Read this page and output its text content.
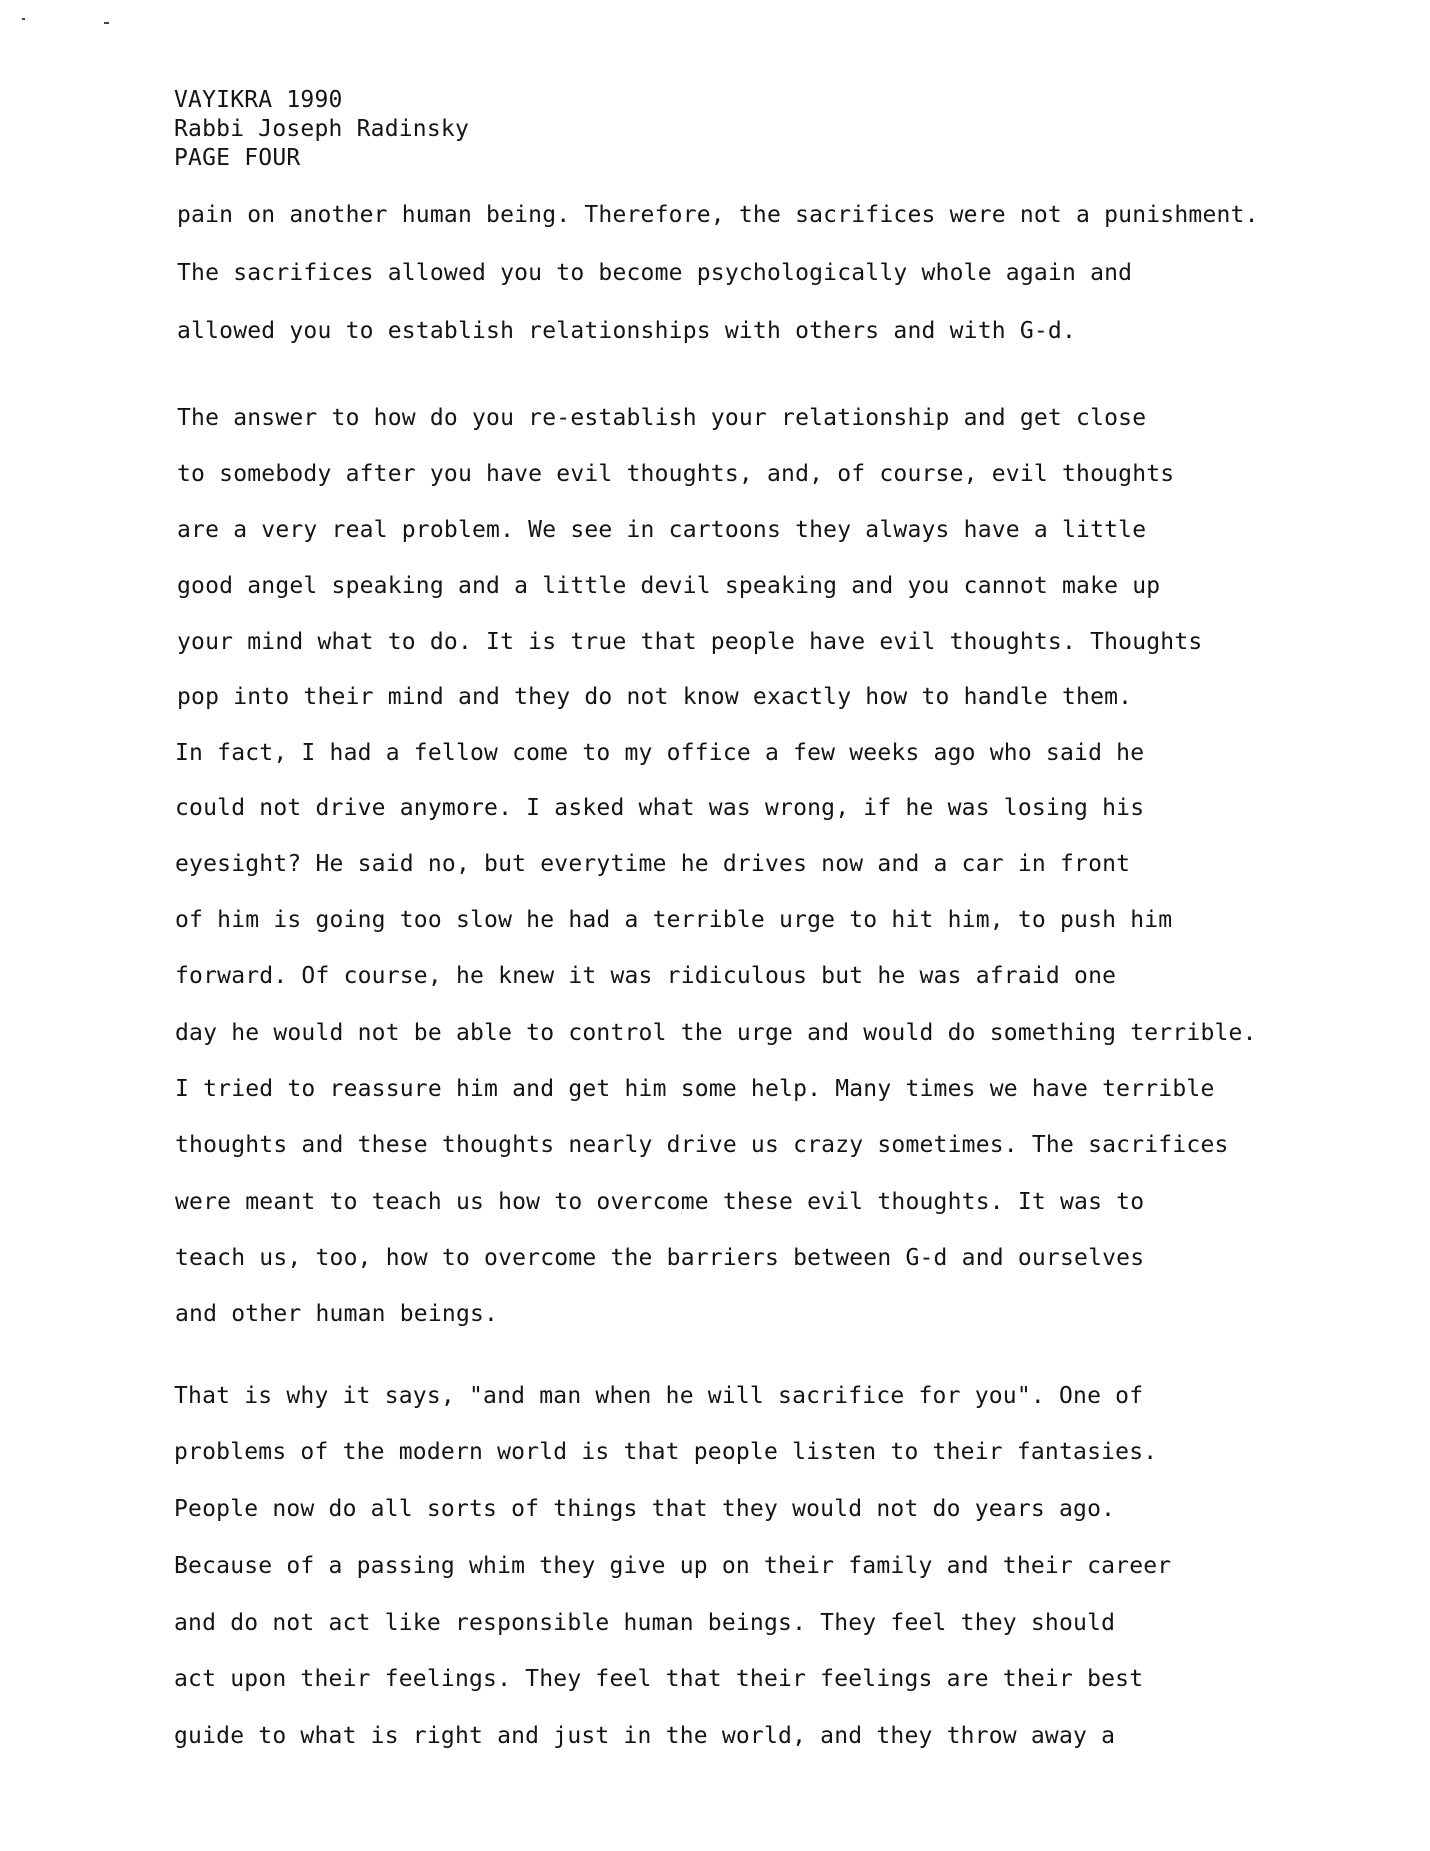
VAYIKRA 1990
Rabbi Joseph Radinsky
PAGE FOUR
pain on another human being. Therefore, the sacrifices were not a punishment.
The sacrifices allowed you to become psychologically whole again and
allowed you to establish relationships with others and with G-d.
The answer to how do you re-establish your relationship and get close
to somebody after you have evil thoughts, and, of course, evil thoughts
are a very real problem. We see in cartoons they always have a little
good angel speaking and a little devil speaking and you cannot make up
your mind what to do. It is true that people have evil thoughts. Thoughts
pop into their mind and they do not know exactly how to handle them.
In fact, I had a fellow come to my office a few weeks ago who said he
could not drive anymore. I asked what was wrong, if he was losing his
eyesight? He said no, but everytime he drives now and a car in front
of him is going too slow he had a terrible urge to hit him, to push him
forward. Of course, he knew it was ridiculous but he was afraid one
day he would not be able to control the urge and would do something terrible.
I tried to reassure him and get him some help. Many times we have terrible
thoughts and these thoughts nearly drive us crazy sometimes. The sacrifices
were meant to teach us how to overcome these evil thoughts. It was to
teach us, too, how to overcome the barriers between G-d and ourselves
and other human beings.
That is why it says, "and man when he will sacrifice for you". One of
problems of the modern world is that people listen to their fantasies.
People now do all sorts of things that they would not do years ago.
Because of a passing whim they give up on their family and their career
and do not act like responsible human beings. They feel they should
act upon their feelings. They feel that their feelings are their best
guide to what is right and just in the world, and they throw away a
